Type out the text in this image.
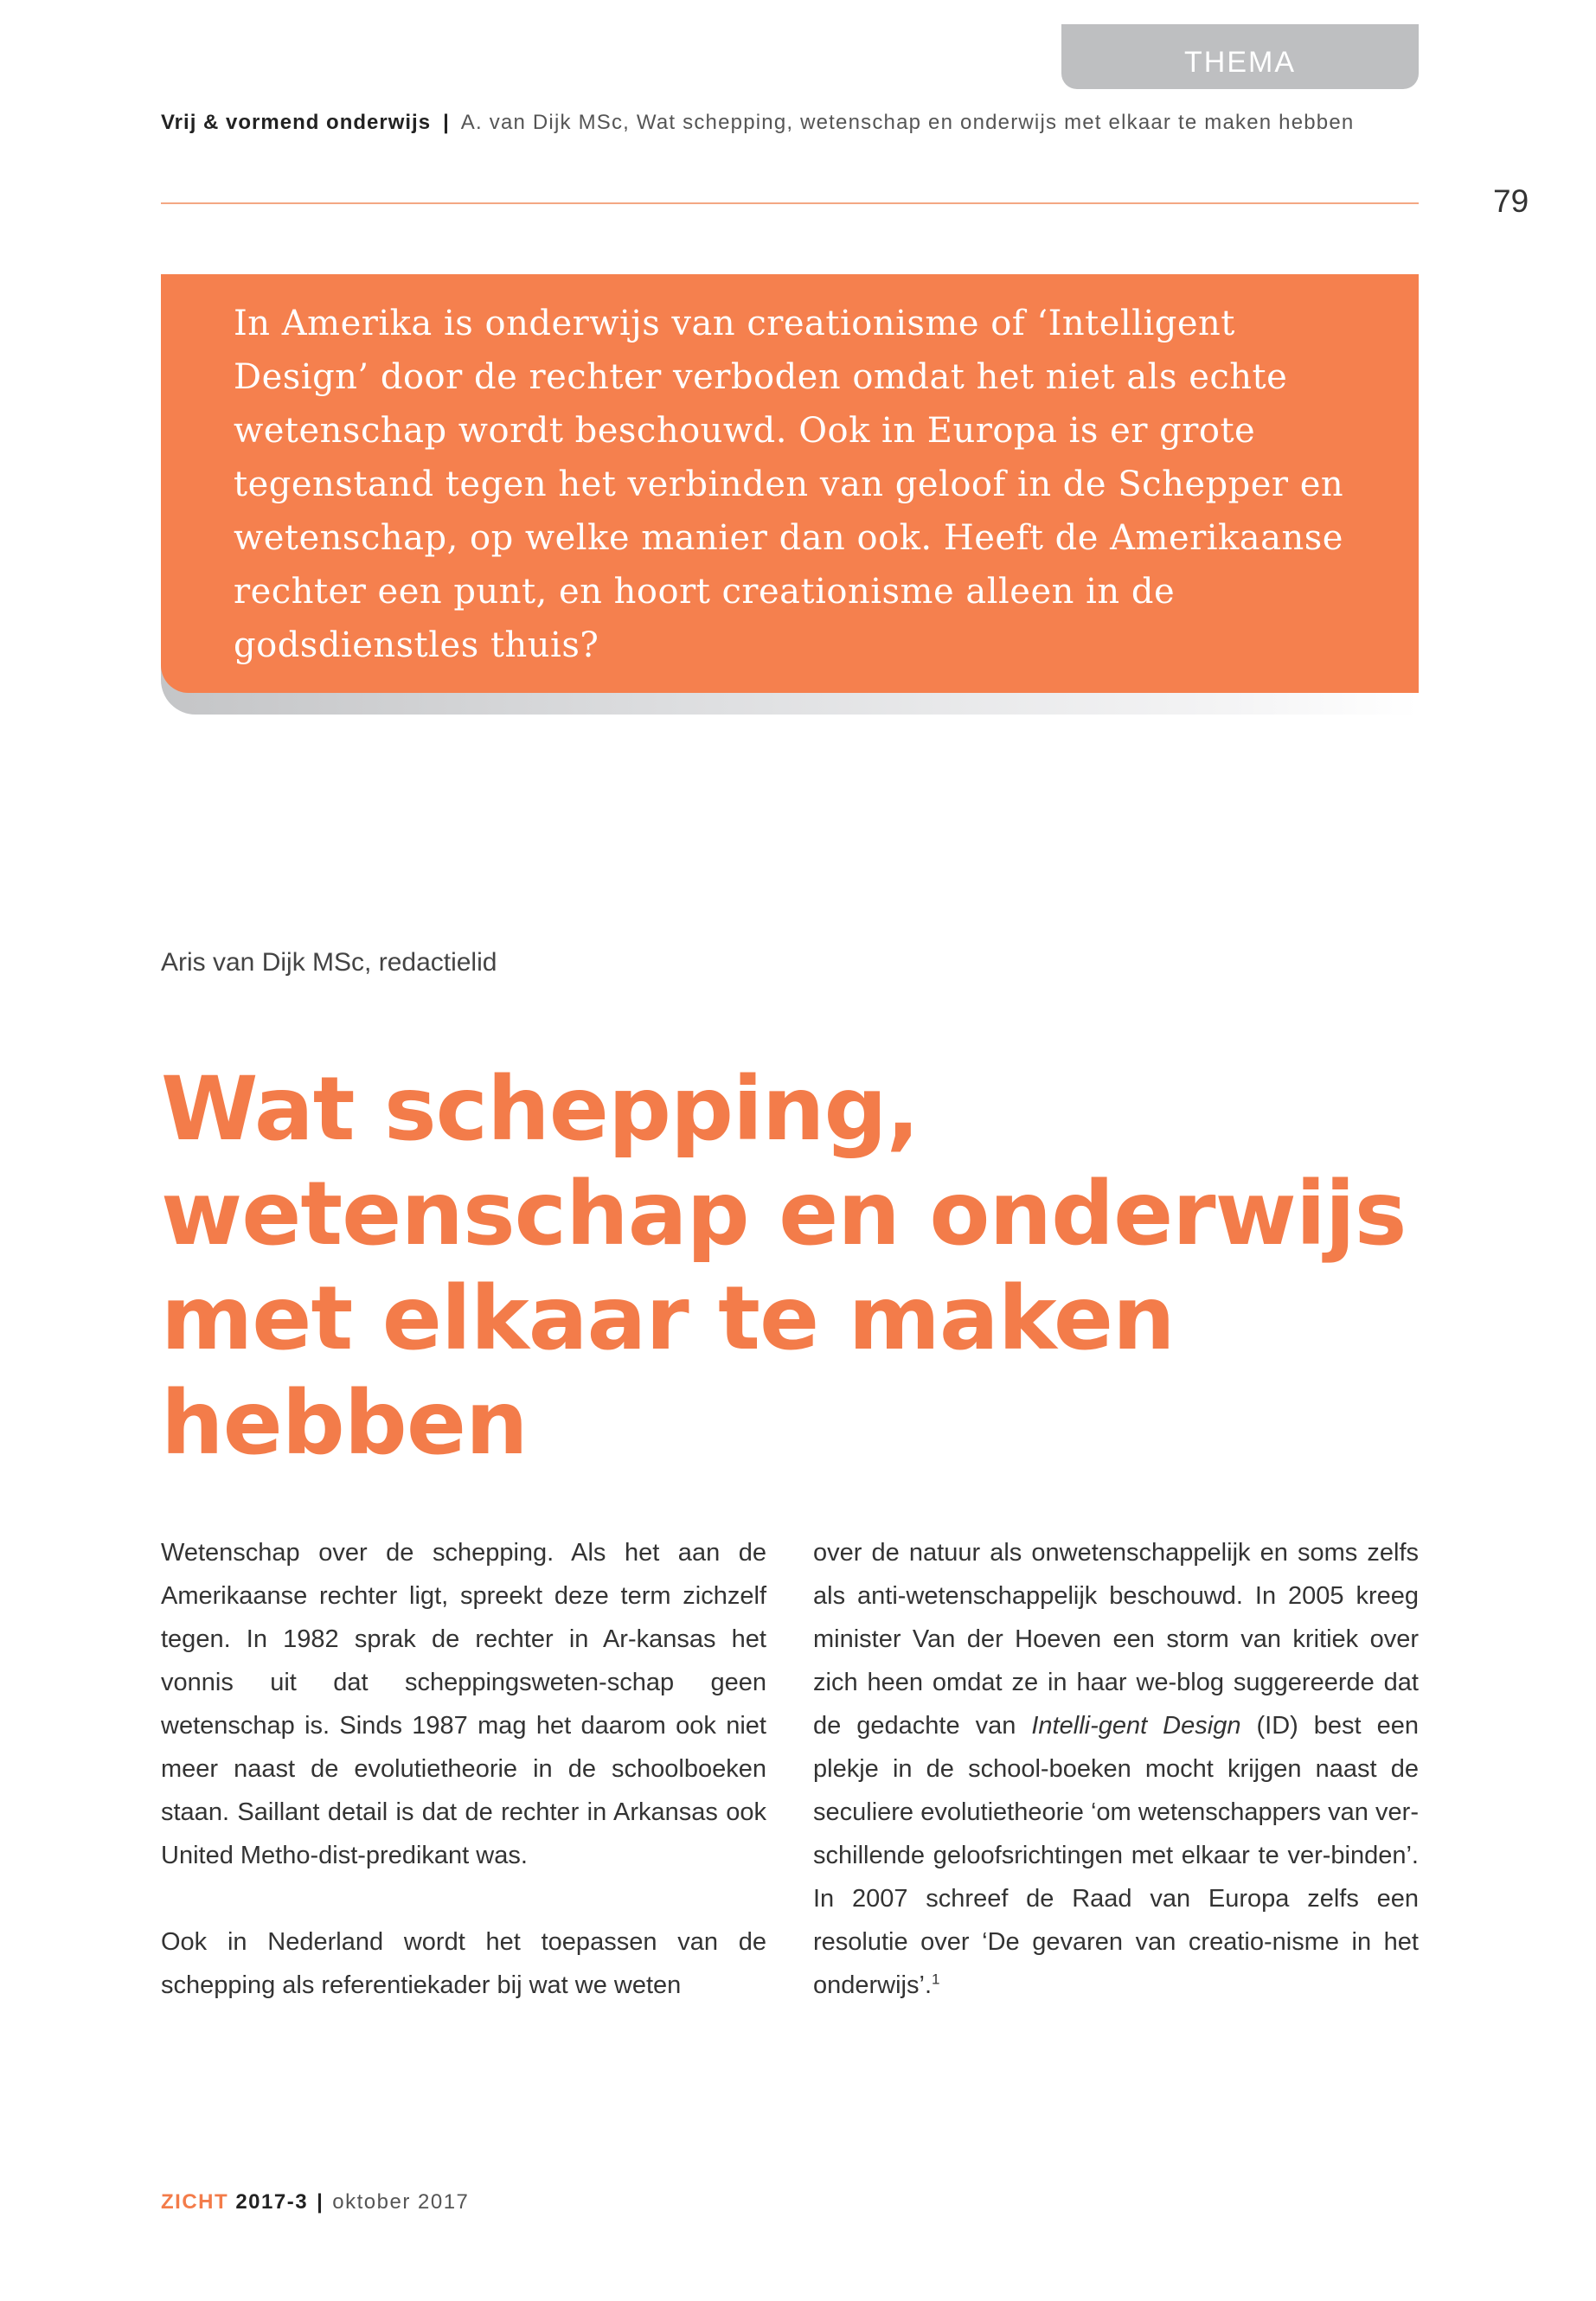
THEMA
Vrij & vormend onderwijs | A. van Dijk MSc, Wat schepping, wetenschap en onderwijs met elkaar te maken hebben
79

In Amerika is onderwijs van creationisme of ‘Intelligent Design’ door de rechter verboden omdat het niet als echte wetenschap wordt beschouwd. Ook in Europa is er grote tegenstand tegen het verbinden van geloof in de Schepper en wetenschap, op welke manier dan ook. Heeft de Amerikaanse rechter een punt, en hoort creationisme alleen in de godsdienstles thuis?

Aris van Dijk MSc, redactielid
Wat schepping, wetenschap en onderwijs met elkaar te maken hebben

Wetenschap over de schepping. Als het aan de Amerikaanse rechter ligt, spreekt deze term zichzelf tegen. In 1982 sprak de rechter in Ar-kansas het vonnis uit dat scheppingsweten-schap geen wetenschap is. Sinds 1987 mag het daarom ook niet meer naast de evolutietheorie in de schoolboeken staan. Saillant detail is dat de rechter in Arkansas ook United Metho-dist-predikant was.

Ook in Nederland wordt het toepassen van de schepping als referentiekader bij wat we weten

over de natuur als onwetenschappelijk en soms zelfs als anti-wetenschappelijk beschouwd. In 2005 kreeg minister Van der Hoeven een storm van kritiek over zich heen omdat ze in haar we-blog suggereerde dat de gedachte van Intelli-gent Design (ID) best een plekje in de school-boeken mocht krijgen naast de seculiere evolutietheorie ‘om wetenschappers van ver-schillende geloofsrichtingen met elkaar te ver-binden’. In 2007 schreef de Raad van Europa zelfs een resolutie over ‘De gevaren van creatio-nisme in het onderwijs’.$^1$

ZICHT 2017-3 | oktober 2017
